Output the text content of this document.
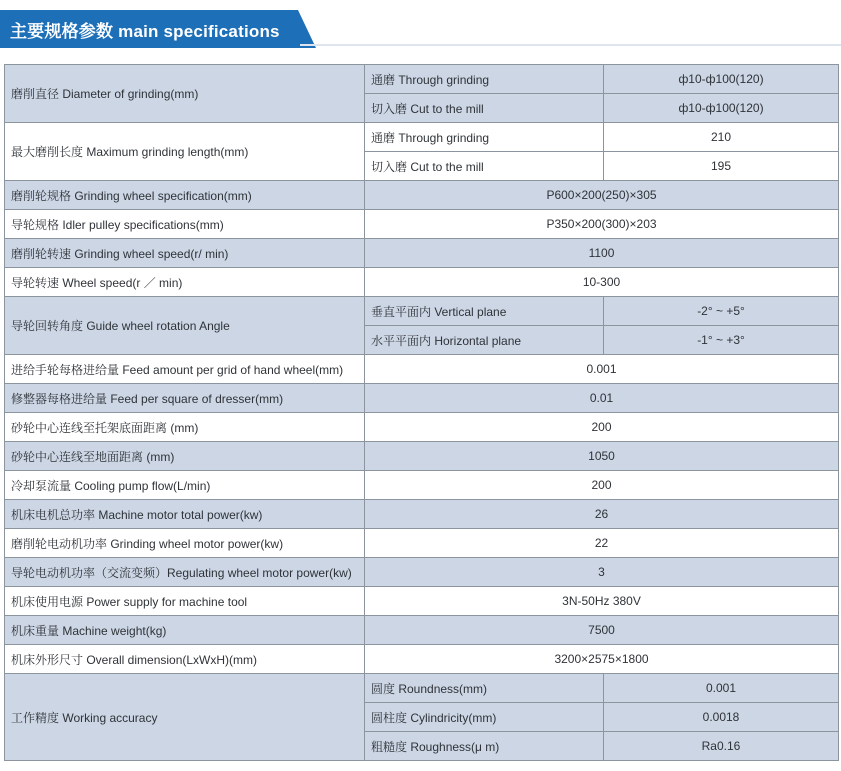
主要规格参数 main specifications
磨削直径 Diameter of grinding(mm)	通磨 Through grinding	ф10-ф100(120)
	切入磨 Cut to the mill	ф10-ф100(120)
最大磨削长度 Maximum grinding length(mm)	通磨 Through grinding	210
	切入磨 Cut to the mill	195
磨削轮规格 Grinding wheel specification(mm)	P600×200(250)×305	
导轮规格 Idler pulley specifications(mm)	P350×200(300)×203	
磨削轮转速 Grinding wheel speed(r/ min)	1100	
导轮转速 Wheel speed(r ／ min)	10-300	
导轮回转角度 Guide wheel rotation Angle	垂直平面内 Vertical plane	-2° ~ +5°
	水平平面内 Horizontal plane	-1° ~ +3°
进给手轮每格进给量 Feed amount per grid of hand wheel(mm)	0.001	
修整器每格进给量 Feed per square of dresser(mm)	0.01	
砂轮中心连线至托架底面距离 (mm)	200	
砂轮中心连线至地面距离 (mm)	1050	
冷却泵流量 Cooling pump flow(L/min)	200	
机床电机总功率 Machine motor total power(kw)	26	
磨削轮电动机功率 Grinding wheel motor power(kw)	22	
导轮电动机功率（交流变频）Regulating wheel motor power(kw)	3	
机床使用电源 Power supply for machine tool	3N-50Hz 380V	
机床重量 Machine weight(kg)	7500	
机床外形尺寸 Overall dimension(LxWxH)(mm)	3200×2575×1800	
工作精度 Working accuracy	圆度 Roundness(mm)	0.001
	圆柱度 Cylindricity(mm)	0.0018
	粗糙度 Roughness(μ m)	Ra0.16
